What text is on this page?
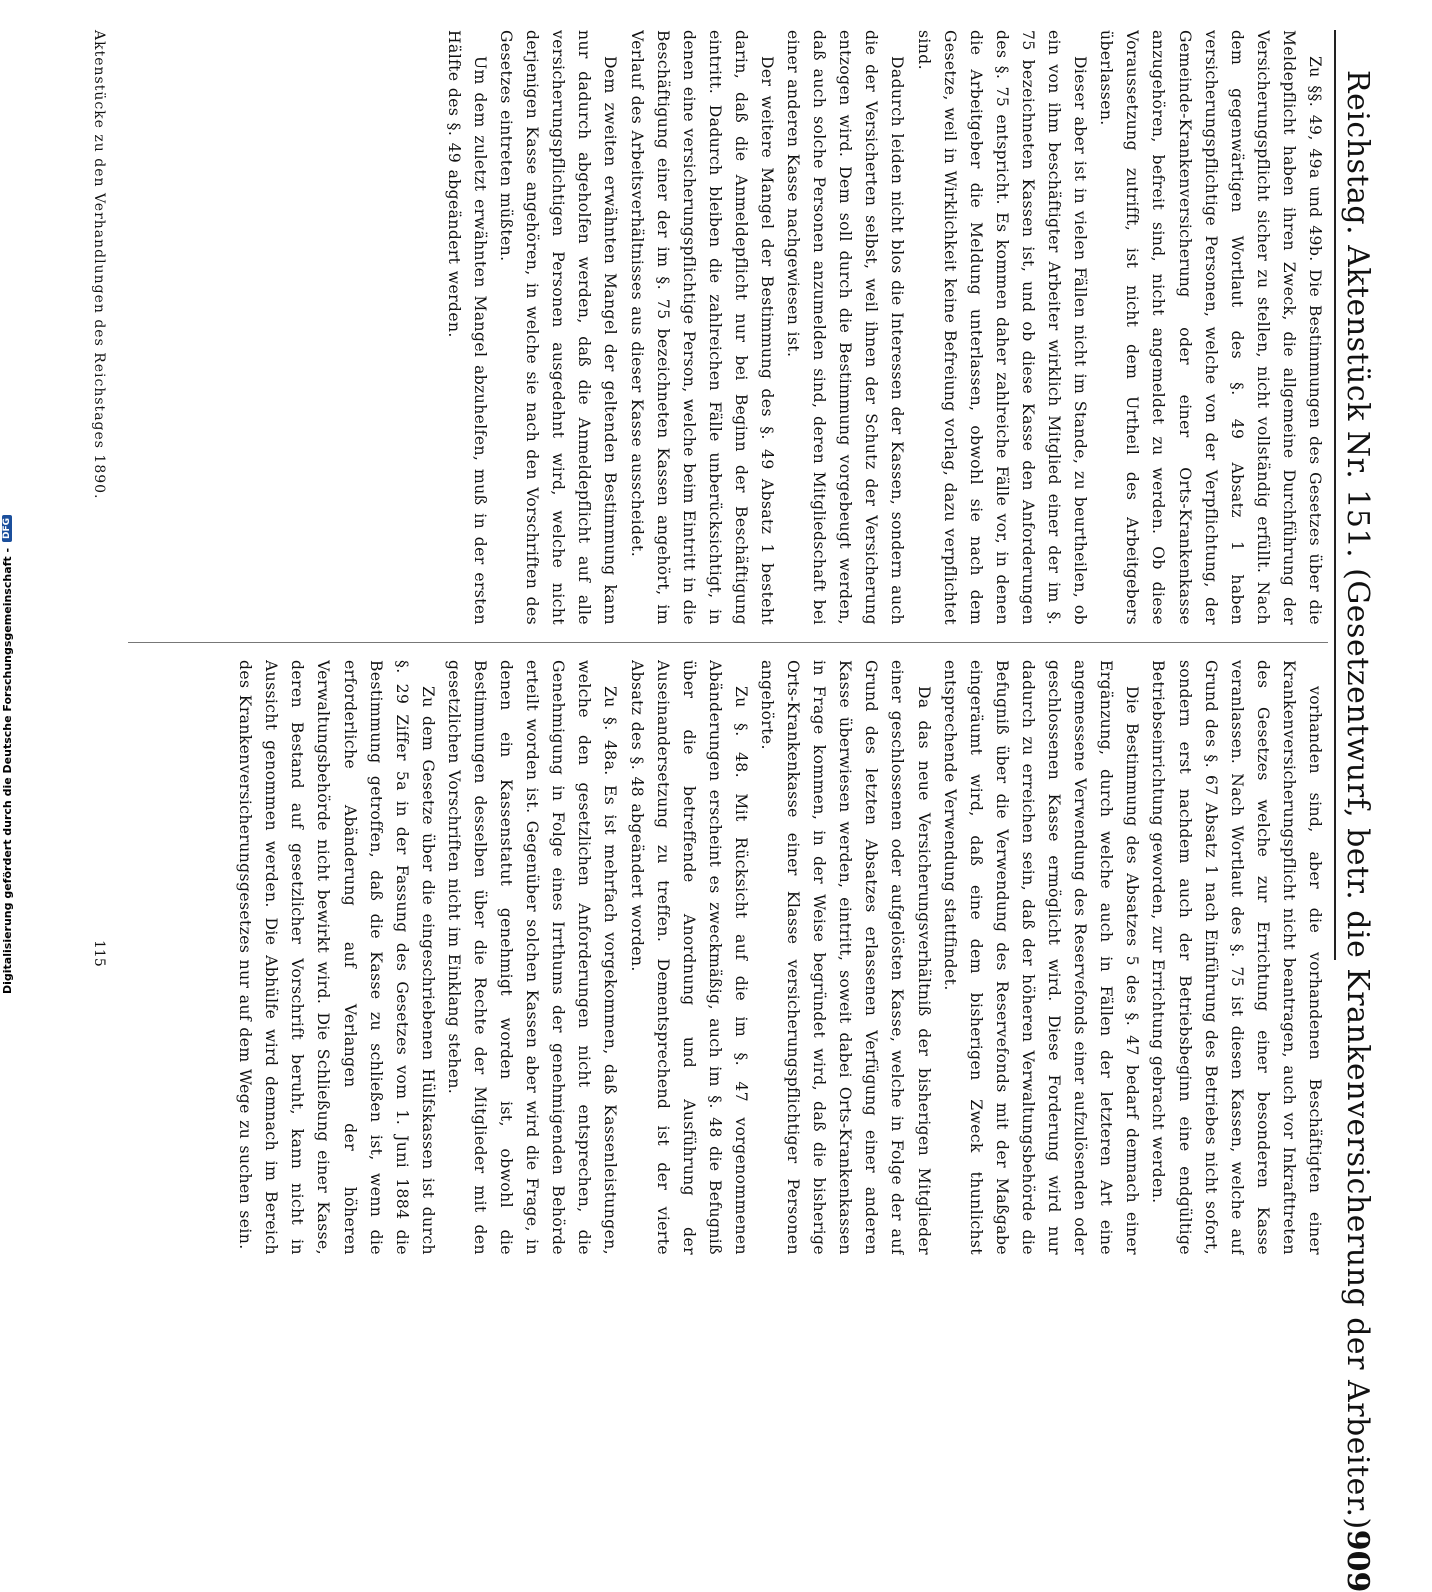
Reichstag. Aktenstück Nr. 151. (Gesetzentwurf, betr. die Krankenversicherung der Arbeiter.)
909

Zu §§. 49, 49a und 49b. Die Bestimmungen des Gesetzes über die Meldepflicht haben ihren Zweck, die allgemeine Durchführung der Versicherungspflicht sicher zu stellen, nicht vollständig erfüllt. Nach dem gegenwärtigen Wortlaut des §. 49 Absatz 1 haben versicherungspflichtige Personen, welche von der Verpflichtung, der Gemeinde-Krankenversicherung oder einer Orts-Krankenkasse anzugehören, befreit sind, nicht angemeldet zu werden. Ob diese Voraussetzung zutrifft, ist nicht dem Urtheil des Arbeitgebers überlassen.

Dieser aber ist in vielen Fällen nicht im Stande, zu beurtheilen, ob ein von ihm beschäftigter Arbeiter wirklich Mitglied einer der im §. 75 bezeichneten Kassen ist, und ob diese Kasse den Anforderungen des §. 75 entspricht. Es kommen daher zahlreiche Fälle vor, in denen die Arbeitgeber die Meldung unterlassen, obwohl sie nach dem Gesetze, weil in Wirklichkeit keine Befreiung vorlag, dazu verpflichtet sind.

Dadurch leiden nicht blos die Interessen der Kassen, sondern auch die der Versicherten selbst, weil ihnen der Schutz der Versicherung entzogen wird. Dem soll durch die Bestimmung vorgebeugt werden, daß auch solche Personen anzumelden sind, deren Mitgliedschaft bei einer anderen Kasse nachgewiesen ist.

Der weitere Mangel der Bestimmung des §. 49 Absatz 1 besteht darin, daß die Anmeldepflicht nur bei Beginn der Beschäftigung eintritt. Dadurch bleiben die zahlreichen Fälle unberücksichtigt, in denen eine versicherungspflichtige Person, welche beim Eintritt in die Beschäftigung einer der im §. 75 bezeichneten Kassen angehört, im Verlauf des Arbeitsverhältnisses aus dieser Kasse ausscheidet.

Dem zweiten erwähnten Mangel der geltenden Bestimmung kann nur dadurch abgeholfen werden, daß die Anmeldepflicht auf alle versicherungspflichtigen Personen ausgedehnt wird, welche nicht derjenigen Kasse angehören, in welche sie nach den Vorschriften des Gesetzes eintreten müßten.

Um dem zuletzt erwähnten Mangel abzuhelfen, muß in der ersten Hälfte des §. 49 abgeändert werden.

vorhanden sind, aber die vorhandenen Beschäftigten einer Krankenversicherungspflicht nicht beantragen, auch vor Inkrafttreten des Gesetzes welche zur Errichtung einer besonderen Kasse veranlassen. Nach Wortlaut des §. 75 ist diesen Kassen, welche auf Grund des §. 67 Absatz 1 nach Einführung des Betriebes nicht sofort, sondern erst nachdem auch der Betriebsbeginn eine endgültige Betriebseinrichtung geworden, zur Errichtung gebracht werden.

Die Bestimmung des Absatzes 5 des §. 47 bedarf demnach einer Ergänzung, durch welche auch in Fällen der letzteren Art eine angemessene Verwendung des Reservefonds einer aufzulösenden oder geschlossenen Kasse ermöglicht wird. Diese Forderung wird nur dadurch zu erreichen sein, daß der höheren Verwaltungsbehörde die Befugniß über die Verwendung des Reservefonds mit der Maßgabe eingeräumt wird, daß eine dem bisherigen Zweck thunlichst entsprechende Verwendung stattfindet.

Da das neue Versicherungsverhältniß der bisherigen Mitglieder einer geschlossenen oder aufgelösten Kasse, welche in Folge der auf Grund des letzten Absatzes erlassenen Verfügung einer anderen Kasse überwiesen werden, eintritt, soweit dabei Orts-Krankenkassen in Frage kommen, in der Weise begründet wird, daß die bisherige Orts-Krankenkasse einer Klasse versicherungspflichtiger Personen angehörte.

Zu §. 48. Mit Rücksicht auf die im §. 47 vorgenommenen Abänderungen erscheint es zweckmäßig, auch im §. 48 die Befugniß über die betreffende Anordnung und Ausführung der Auseinandersetzung zu treffen. Dementsprechend ist der vierte Absatz des §. 48 abgeändert worden.

Zu §. 48a. Es ist mehrfach vorgekommen, daß Kassenleistungen, welche den gesetzlichen Anforderungen nicht entsprechen, die Genehmigung in Folge eines Irrthums der genehmigenden Behörde erteilt worden ist. Gegenüber solchen Kassen aber wird die Frage, in denen ein Kassenstatut genehmigt worden ist, obwohl die Bestimmungen desselben über die Rechte der Mitglieder mit den gesetzlichen Vorschriften nicht im Einklang stehen.

Zu dem Gesetze über die eingeschriebenen Hülfskassen ist durch §. 29 Ziffer 5a in der Fassung des Gesetzes vom 1. Juni 1884 die Bestimmung getroffen, daß die Kasse zu schließen ist, wenn die erforderliche Abänderung auf Verlangen der höheren Verwaltungsbehörde nicht bewirkt wird. Die Schließung einer Kasse, deren Bestand auf gesetzlicher Vorschrift beruht, kann nicht in Aussicht genommen werden. Die Abhülfe wird demnach im Bereich des Krankenversicherungsgesetzes nur auf dem Wege zu suchen sein.

Aktenstücke zu den Verhandlungen des Reichstages 1890.
115
Digitalisierung gefördert durch die Deutsche Forschungsgemeinschaft -
DFG
